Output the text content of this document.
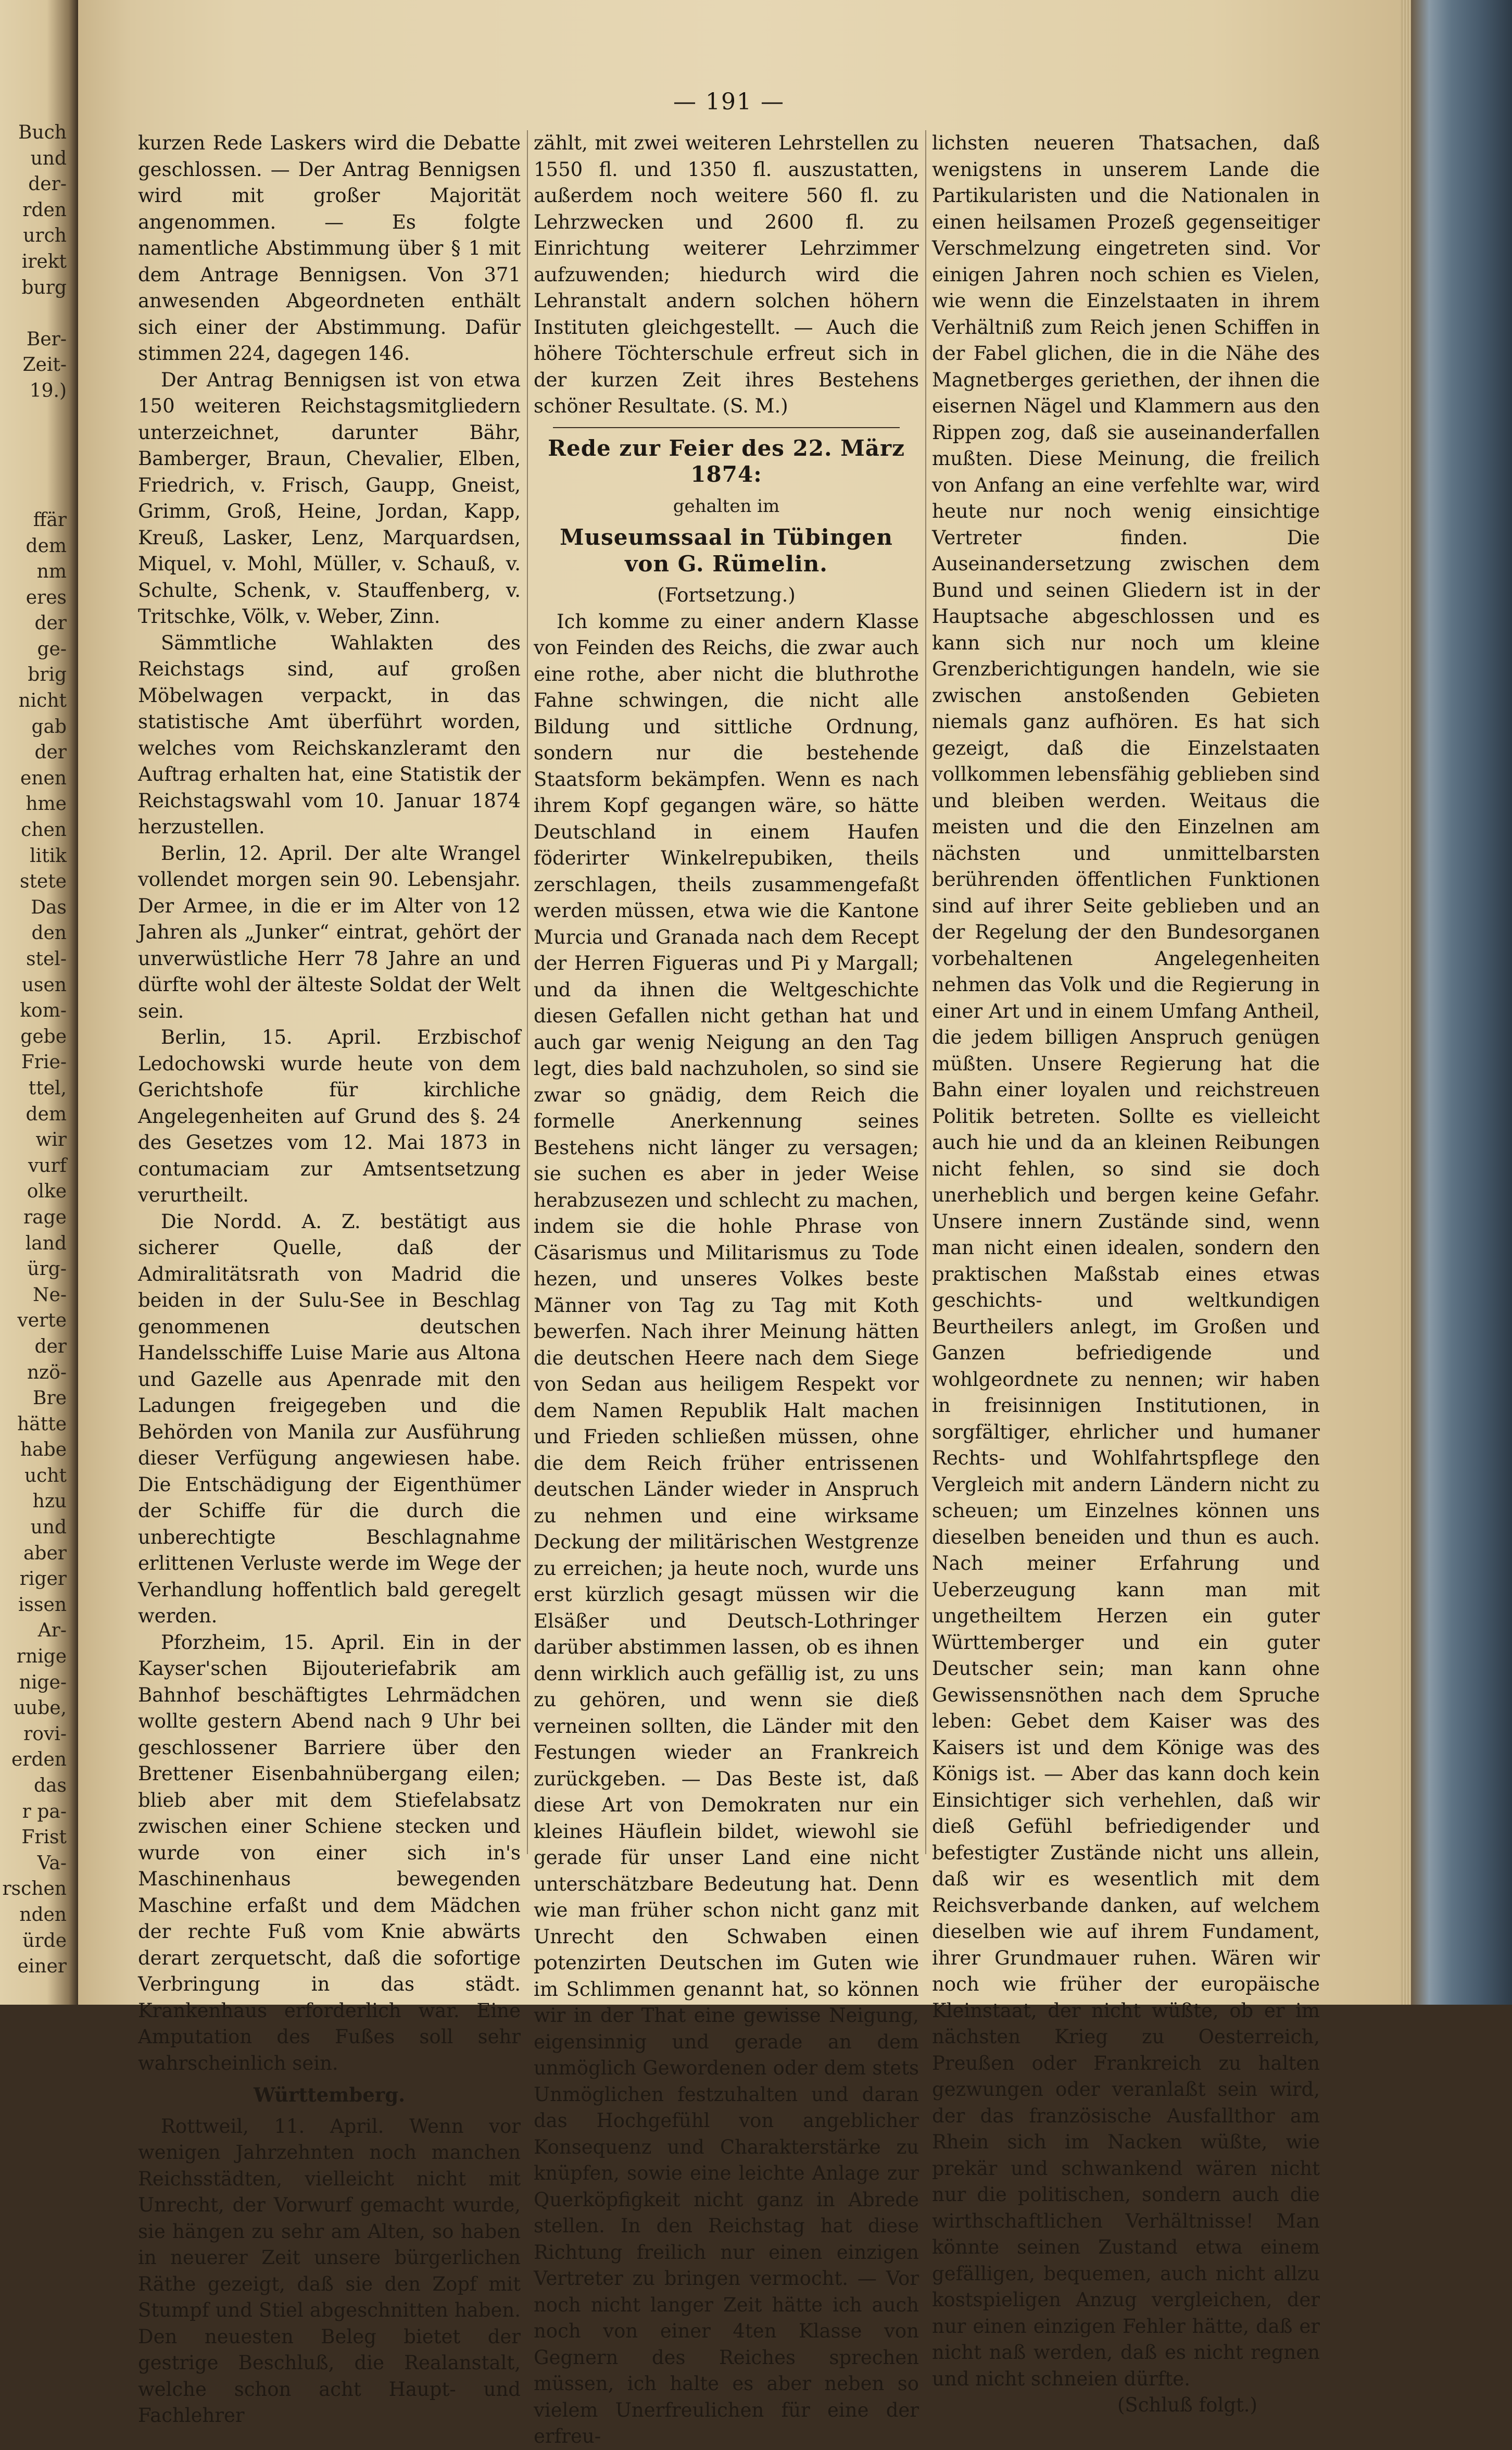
Buch
und
der-
rden
urch
irekt
burg

Ber-
Zeit-
19.)

ffär
dem
nm
eres
der
ge-
brig
nicht
gab
der
enen
hme
chen
litik
stete
Das
den
stel-
usen
kom-
gebe
Frie-
ttel,
dem
wir
vurf
olke
rage
land
ürg-
Ne-
verte
der
nzö-
Bre
hätte
habe
ucht
hzu
und
aber
riger
issen
Ar-
rnige
nige-
uube,
rovi-
erden
das
r pa-
Frist
Va-
rschen
nden
ürde
einer
— 191 —

kurzen Rede Laskers wird die Debatte geschlossen. — Der Antrag Bennigsen wird mit großer Majorität angenommen. — Es folgte namentliche Abstimmung über § 1 mit dem Antrage Bennigsen. Von 371 anwesenden Abgeordneten enthält sich einer der Abstimmung. Dafür stimmen 224, dagegen 146.

Der Antrag Bennigsen ist von etwa 150 weiteren Reichstagsmitgliedern unterzeichnet, darunter Bähr, Bamberger, Braun, Chevalier, Elben, Friedrich, v. Frisch, Gaupp, Gneist, Grimm, Groß, Heine, Jordan, Kapp, Kreuß, Lasker, Lenz, Marquardsen, Miquel, v. Mohl, Müller, v. Schauß, v. Schulte, Schenk, v. Stauffenberg, v. Tritschke, Völk, v. Weber, Zinn.

Sämmtliche Wahlakten des Reichstags sind, auf großen Möbelwagen verpackt, in das statistische Amt überführt worden, welches vom Reichskanzleramt den Auftrag erhalten hat, eine Statistik der Reichstagswahl vom 10. Januar 1874 herzustellen.

Berlin, 12. April. Der alte Wrangel vollendet morgen sein 90. Lebensjahr. Der Armee, in die er im Alter von 12 Jahren als „Junker“ eintrat, gehört der unverwüstliche Herr 78 Jahre an und dürfte wohl der älteste Soldat der Welt sein.

Berlin, 15. April. Erzbischof Ledochowski wurde heute von dem Gerichtshofe für kirchliche Angelegenheiten auf Grund des §. 24 des Gesetzes vom 12. Mai 1873 in contumaciam zur Amtsentsetzung verurtheilt.

Die Nordd. A. Z. bestätigt aus sicherer Quelle, daß der Admiralitätsrath von Madrid die beiden in der Sulu-See in Beschlag genommenen deutschen Handelsschiffe Luise Marie aus Altona und Gazelle aus Apenrade mit den Ladungen freigegeben und die Behörden von Manila zur Ausführung dieser Verfügung angewiesen habe. Die Entschädigung der Eigenthümer der Schiffe für die durch die unberechtigte Beschlagnahme erlittenen Verluste werde im Wege der Verhandlung hoffentlich bald geregelt werden.

Pforzheim, 15. April. Ein in der Kayser'schen Bijouteriefabrik am Bahnhof beschäftigtes Lehrmädchen wollte gestern Abend nach 9 Uhr bei geschlossener Barriere über den Brettener Eisenbahnübergang eilen; blieb aber mit dem Stiefelabsatz zwischen einer Schiene stecken und wurde von einer sich in's Maschinenhaus bewegenden Maschine erfaßt und dem Mädchen der rechte Fuß vom Knie abwärts derart zerquetscht, daß die sofortige Verbringung in das städt. Krankenhaus erforderlich war. Eine Amputation des Fußes soll sehr wahrscheinlich sein.

Württemberg.

Rottweil, 11. April. Wenn vor wenigen Jahrzehnten noch manchen Reichsstädten, vielleicht nicht mit Unrecht, der Vorwurf gemacht wurde, sie hängen zu sehr am Alten, so haben in neuerer Zeit unsere bürgerlichen Räthe gezeigt, daß sie den Zopf mit Stumpf und Stiel abgeschnitten haben. Den neuesten Beleg bietet der gestrige Beschluß, die Realanstalt, welche schon acht Haupt- und Fachlehrer

zählt, mit zwei weiteren Lehrstellen zu 1550 fl. und 1350 fl. auszustatten, außerdem noch weitere 560 fl. zu Lehrzwecken und 2600 fl. zu Einrichtung weiterer Lehrzimmer aufzuwenden; hiedurch wird die Lehranstalt andern solchen höhern Instituten gleichgestellt. — Auch die höhere Töchterschule erfreut sich in der kurzen Zeit ihres Bestehens schöner Resultate. (S. M.)

Rede zur Feier des 22. März 1874:

gehalten im

Museumssaal in Tübingen von G. Rümelin.

(Fortsetzung.)

Ich komme zu einer andern Klasse von Feinden des Reichs, die zwar auch eine rothe, aber nicht die bluthrothe Fahne schwingen, die nicht alle Bildung und sittliche Ordnung, sondern nur die bestehende Staatsform bekämpfen. Wenn es nach ihrem Kopf gegangen wäre, so hätte Deutschland in einem Haufen föderirter Winkelrepubiken, theils zerschlagen, theils zusammengefaßt werden müssen, etwa wie die Kantone Murcia und Granada nach dem Recept der Herren Figueras und Pi y Margall; und da ihnen die Weltgeschichte diesen Gefallen nicht gethan hat und auch gar wenig Neigung an den Tag legt, dies bald nachzuholen, so sind sie zwar so gnädig, dem Reich die formelle Anerkennung seines Bestehens nicht länger zu versagen; sie suchen es aber in jeder Weise herabzusezen und schlecht zu machen, indem sie die hohle Phrase von Cäsarismus und Militarismus zu Tode hezen, und unseres Volkes beste Männer von Tag zu Tag mit Koth bewerfen. Nach ihrer Meinung hätten die deutschen Heere nach dem Siege von Sedan aus heiligem Respekt vor dem Namen Republik Halt machen und Frieden schließen müssen, ohne die dem Reich früher entrissenen deutschen Länder wieder in Anspruch zu nehmen und eine wirksame Deckung der militärischen Westgrenze zu erreichen; ja heute noch, wurde uns erst kürzlich gesagt müssen wir die Elsäßer und Deutsch-Lothringer darüber abstimmen lassen, ob es ihnen denn wirklich auch gefällig ist, zu uns zu gehören, und wenn sie dieß verneinen sollten, die Länder mit den Festungen wieder an Frankreich zurückgeben. — Das Beste ist, daß diese Art von Demokraten nur ein kleines Häuflein bildet, wiewohl sie gerade für unser Land eine nicht unterschätzbare Bedeutung hat. Denn wie man früher schon nicht ganz mit Unrecht den Schwaben einen potenzirten Deutschen im Guten wie im Schlimmen genannt hat, so können wir in der That eine gewisse Neigung, eigensinnig und gerade an dem unmöglich Gewordenen oder dem stets Unmöglichen festzuhalten und daran das Hochgefühl von angeblicher Konsequenz und Charakterstärke zu knüpfen, sowie eine leichte Anlage zur Querköpfigkeit nicht ganz in Abrede stellen. In den Reichstag hat diese Richtung freilich nur einen einzigen Vertreter zu bringen vermocht. — Vor noch nicht langer Zeit hätte ich auch noch von einer 4ten Klasse von Gegnern des Reiches sprechen müssen, ich halte es aber neben so vielem Unerfreulichen für eine der erfreu-

lichsten neueren Thatsachen, daß wenigstens in unserem Lande die Partikularisten und die Nationalen in einen heilsamen Prozeß gegenseitiger Verschmelzung eingetreten sind. Vor einigen Jahren noch schien es Vielen, wie wenn die Einzelstaaten in ihrem Verhältniß zum Reich jenen Schiffen in der Fabel glichen, die in die Nähe des Magnetberges geriethen, der ihnen die eisernen Nägel und Klammern aus den Rippen zog, daß sie auseinanderfallen mußten. Diese Meinung, die freilich von Anfang an eine verfehlte war, wird heute nur noch wenig einsichtige Vertreter finden. Die Auseinandersetzung zwischen dem Bund und seinen Gliedern ist in der Hauptsache abgeschlossen und es kann sich nur noch um kleine Grenzberichtigungen handeln, wie sie zwischen anstoßenden Gebieten niemals ganz aufhören. Es hat sich gezeigt, daß die Einzelstaaten vollkommen lebensfähig geblieben sind und bleiben werden. Weitaus die meisten und die den Einzelnen am nächsten und unmittelbarsten berührenden öffentlichen Funktionen sind auf ihrer Seite geblieben und an der Regelung der den Bundesorganen vorbehaltenen Angelegenheiten nehmen das Volk und die Regierung in einer Art und in einem Umfang Antheil, die jedem billigen Anspruch genügen müßten. Unsere Regierung hat die Bahn einer loyalen und reichstreuen Politik betreten. Sollte es vielleicht auch hie und da an kleinen Reibungen nicht fehlen, so sind sie doch unerheblich und bergen keine Gefahr. Unsere innern Zustände sind, wenn man nicht einen idealen, sondern den praktischen Maßstab eines etwas geschichts- und weltkundigen Beurtheilers anlegt, im Großen und Ganzen befriedigende und wohlgeordnete zu nennen; wir haben in freisinnigen Institutionen, in sorgfältiger, ehrlicher und humaner Rechts- und Wohlfahrtspflege den Vergleich mit andern Ländern nicht zu scheuen; um Einzelnes können uns dieselben beneiden und thun es auch. Nach meiner Erfahrung und Ueberzeugung kann man mit ungetheiltem Herzen ein guter Württemberger und ein guter Deutscher sein; man kann ohne Gewissensnöthen nach dem Spruche leben: Gebet dem Kaiser was des Kaisers ist und dem Könige was des Königs ist. — Aber das kann doch kein Einsichtiger sich verhehlen, daß wir dieß Gefühl befriedigender und befestigter Zustände nicht uns allein, daß wir es wesentlich mit dem Reichsverbande danken, auf welchem dieselben wie auf ihrem Fundament, ihrer Grundmauer ruhen. Wären wir noch wie früher der europäische Kleinstaat, der nicht wüßte, ob er im nächsten Krieg zu Oesterreich, Preußen oder Frankreich zu halten gezwungen oder veranlaßt sein wird, der das französische Ausfallthor am Rhein sich im Nacken wüßte, wie prekär und schwankend wären nicht nur die politischen, sondern auch die wirthschaftlichen Verhältnisse! Man könnte seinen Zustand etwa einem gefälligen, bequemen, auch nicht allzu kostspieligen Anzug vergleichen, der nur einen einzigen Fehler hätte, daß er nicht naß werden, daß es nicht regnen und nicht schneien dürfte.

(Schluß folgt.)
